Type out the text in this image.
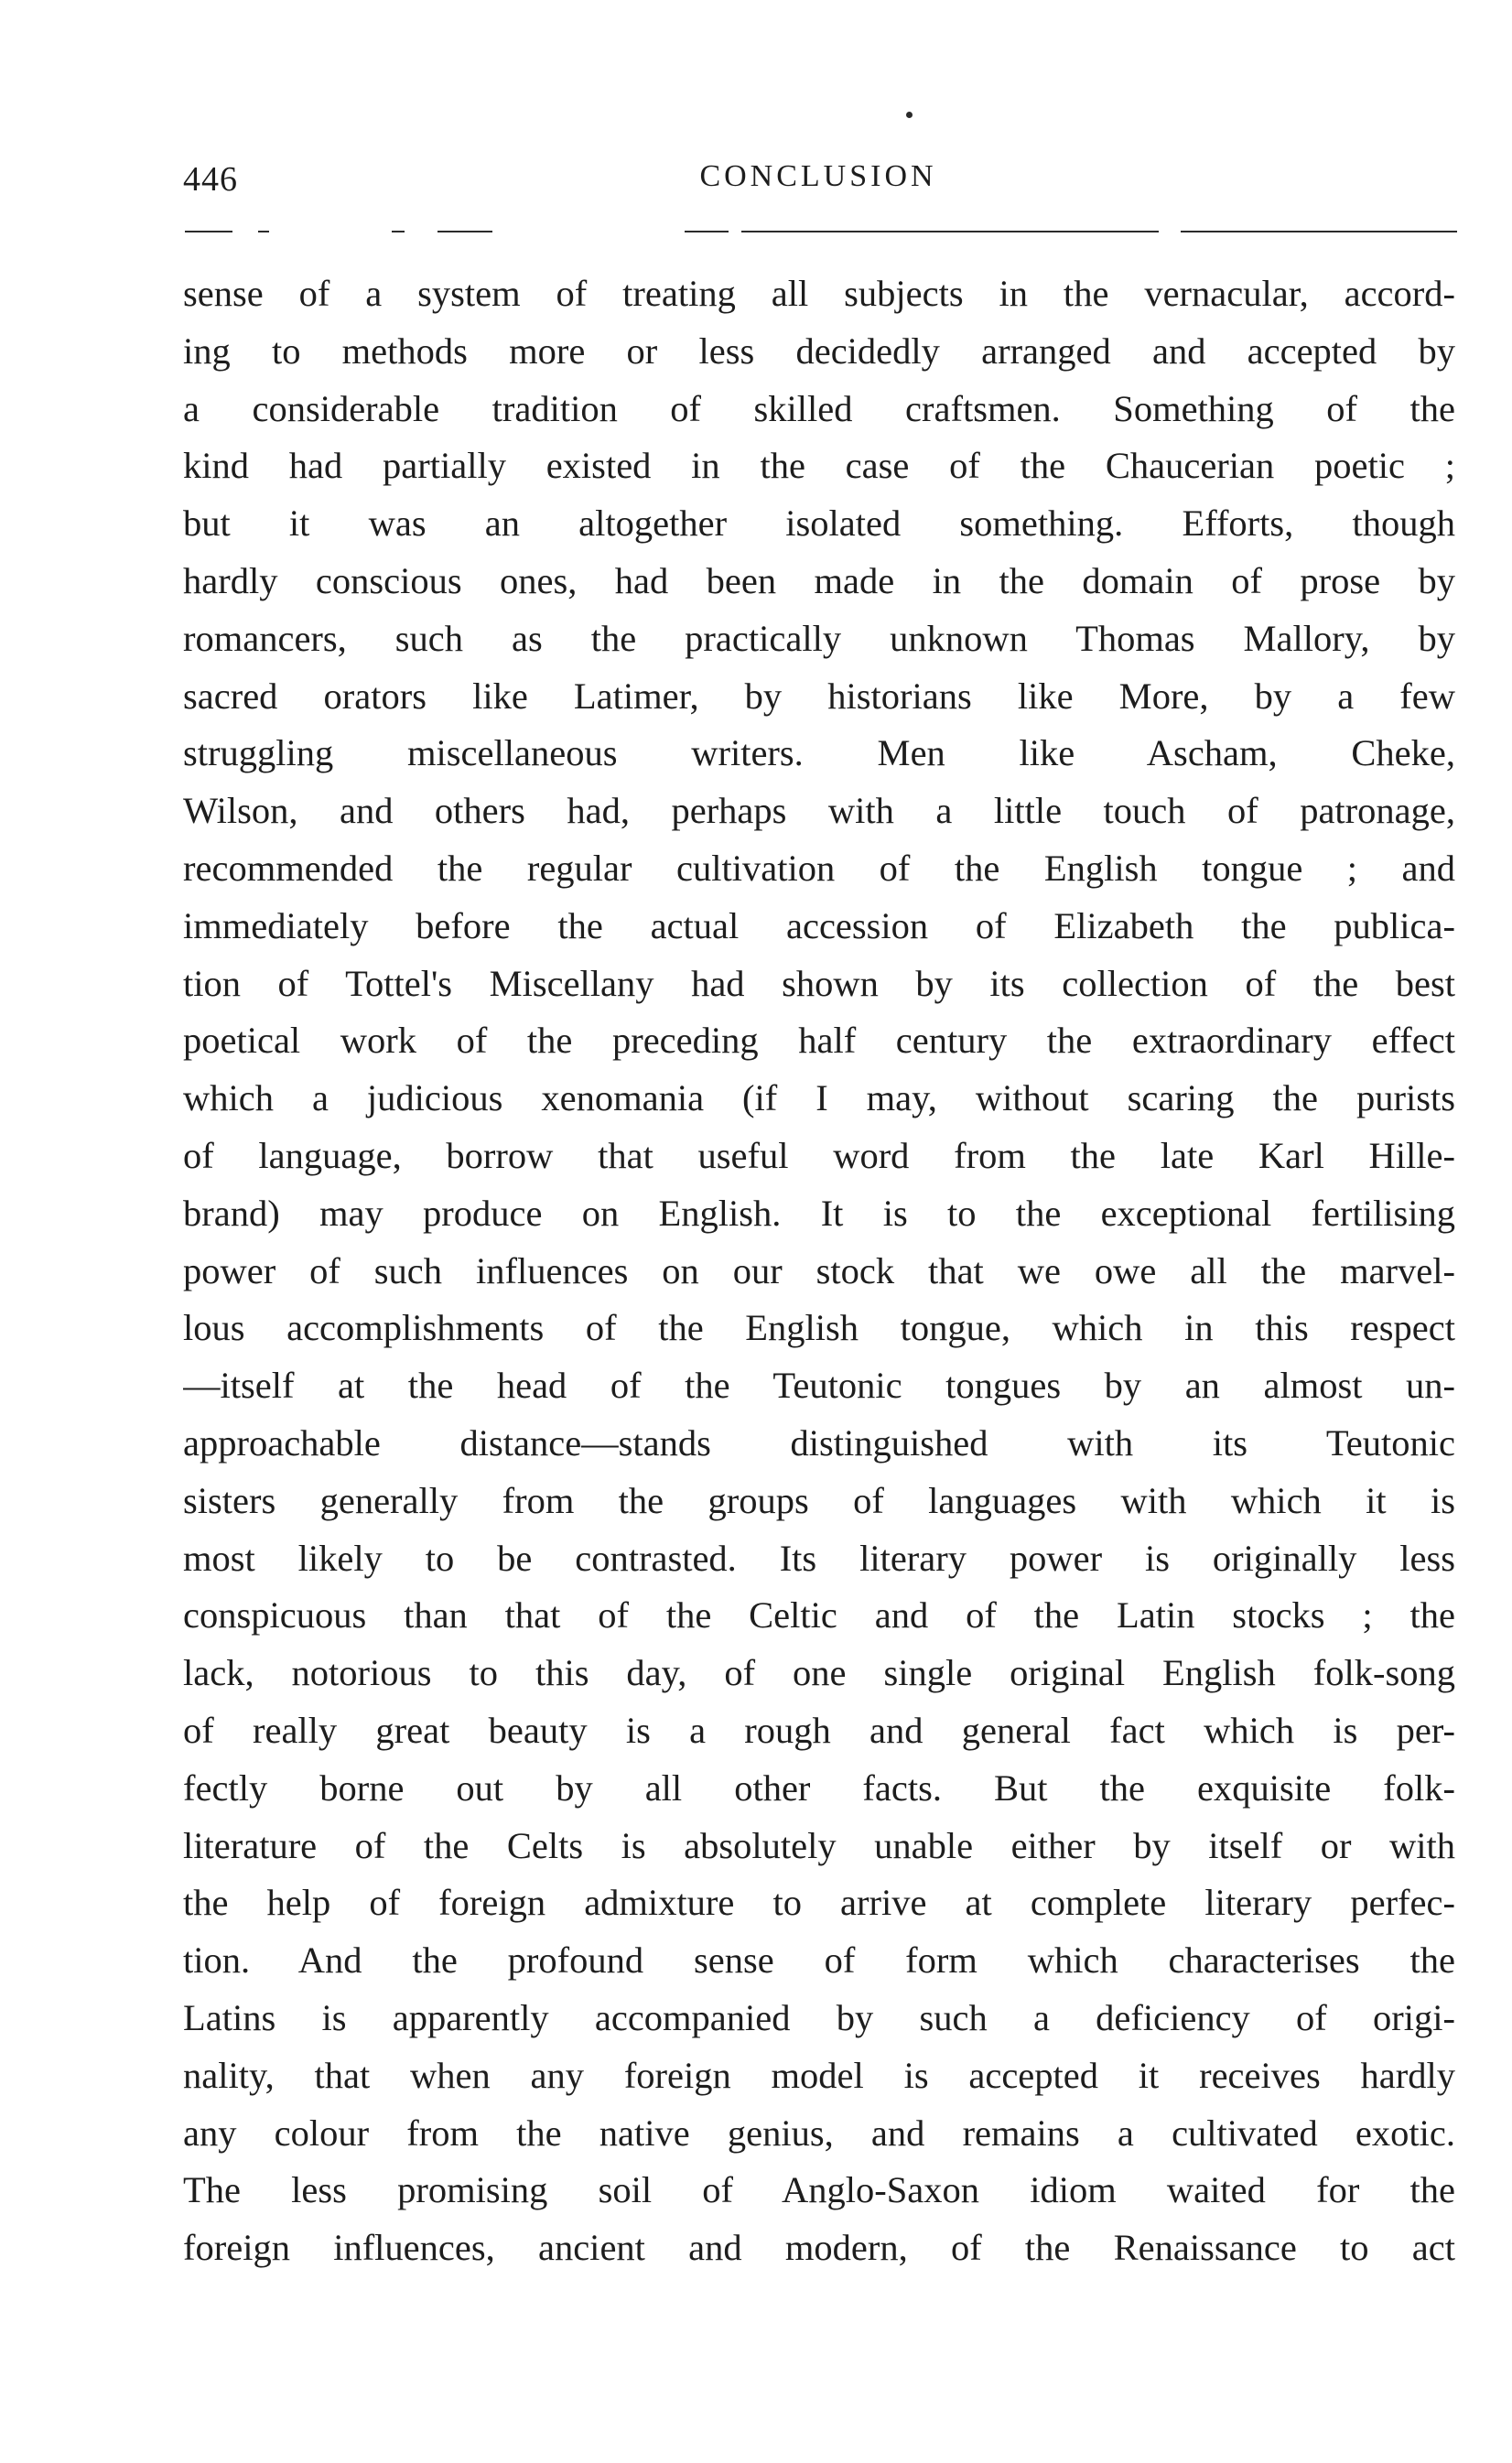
446	CONCLUSION
sense of a system of treating all subjects in the vernacular, accord-
ing to methods more or less decidedly arranged and accepted by
a considerable tradition of skilled craftsmen. Something of the
kind had partially existed in the case of the Chaucerian poetic ;
but it was an altogether isolated something. Efforts, though
hardly conscious ones, had been made in the domain of prose by
romancers, such as the practically unknown Thomas Mallory, by
sacred orators like Latimer, by historians like More, by a few
struggling miscellaneous writers. Men like Ascham, Cheke,
Wilson, and others had, perhaps with a little touch of patronage,
recommended the regular cultivation of the English tongue ; and
immediately before the actual accession of Elizabeth the publica-
tion of Tottel's Miscellany had shown by its collection of the best
poetical work of the preceding half century the extraordinary effect
which a judicious xenomania (if I may, without scaring the purists
of language, borrow that useful word from the late Karl Hille-
brand) may produce on English. It is to the exceptional fertilising
power of such influences on our stock that we owe all the marvel-
lous accomplishments of the English tongue, which in this respect
—itself at the head of the Teutonic tongues by an almost un-
approachable distance—stands distinguished with its Teutonic
sisters generally from the groups of languages with which it is
most likely to be contrasted. Its literary power is originally less
conspicuous than that of the Celtic and of the Latin stocks ; the
lack, notorious to this day, of one single original English folk-song
of really great beauty is a rough and general fact which is per-
fectly borne out by all other facts. But the exquisite folk-
literature of the Celts is absolutely unable either by itself or with
the help of foreign admixture to arrive at complete literary perfec-
tion. And the profound sense of form which characterises the
Latins is apparently accompanied by such a deficiency of origi-
nality, that when any foreign model is accepted it receives hardly
any colour from the native genius, and remains a cultivated exotic.
The less promising soil of Anglo-Saxon idiom waited for the
foreign influences, ancient and modern, of the Renaissance to act
